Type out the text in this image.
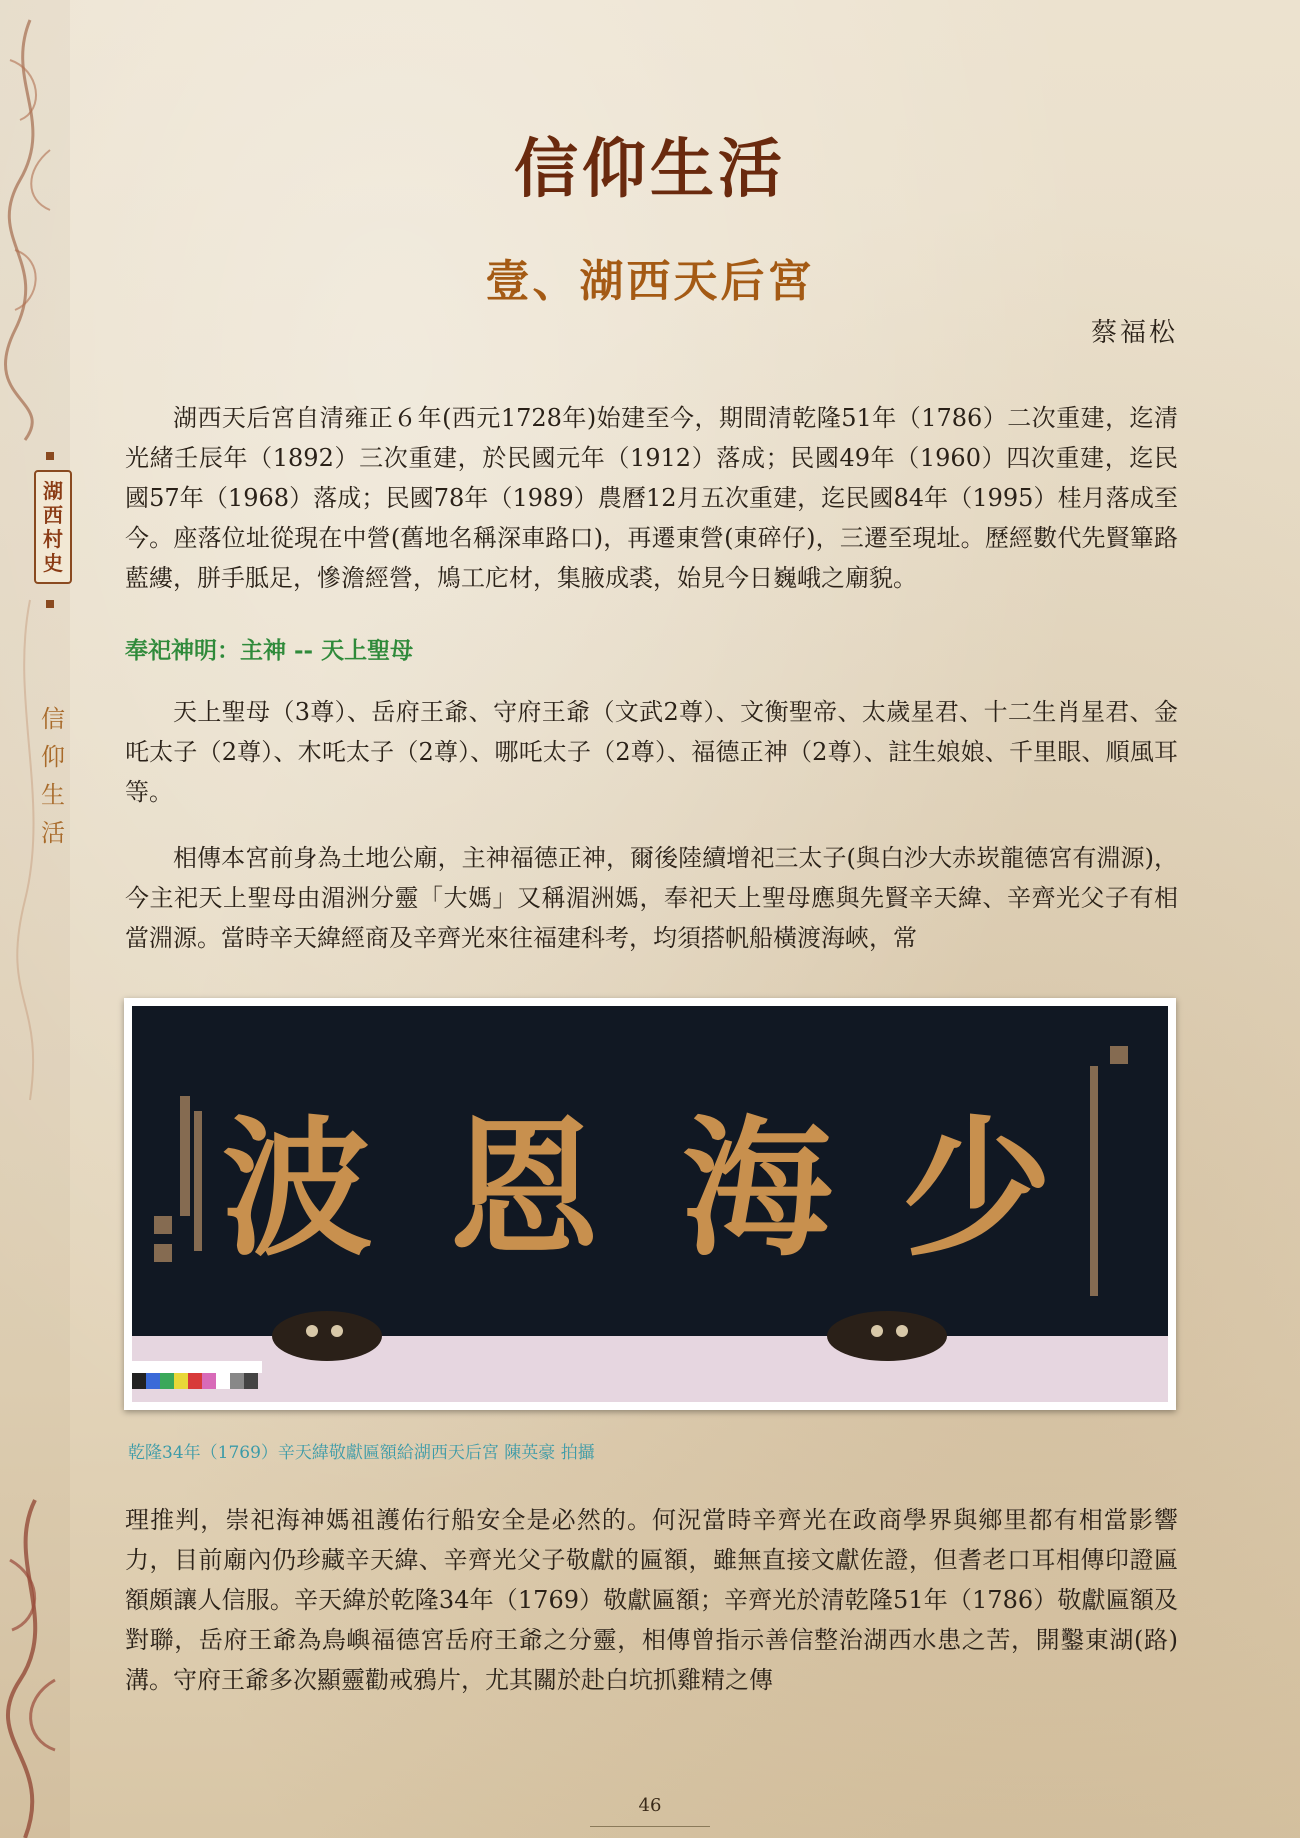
湖
西
村
史
信
仰
生
活
信仰生活
壹、湖西天后宮
蔡福松
湖西天后宮自清雍正６年(西元1728年)始建至今，期間清乾隆51年（1786）二次重建，迄清光緒壬辰年（1892）三次重建，於民國元年（1912）落成；民國49年（1960）四次重建，迄民國57年（1968）落成；民國78年（1989）農曆12月五次重建，迄民國84年（1995）桂月落成至今。座落位址從現在中營(舊地名稱深車路口)，再遷東營(東碎仔)，三遷至現址。歷經數代先賢篳路藍縷，胼手胝足，慘澹經營，鳩工庀材，集腋成裘，始見今日巍峨之廟貌。
奉祀神明：主神 -- 天上聖母
天上聖母（3尊）、岳府王爺、守府王爺（文武2尊）、文衡聖帝、太歲星君、十二生肖星君、金吒太子（2尊）、木吒太子（2尊）、哪吒太子（2尊）、福德正神（2尊）、註生娘娘、千里眼、順風耳等。
相傳本宮前身為土地公廟，主神福德正神，爾後陸續增祀三太子(與白沙大赤崁龍德宮有淵源)，今主祀天上聖母由湄洲分靈「大媽」又稱湄洲媽，奉祀天上聖母應與先賢辛天緯、辛齊光父子有相當淵源。當時辛天緯經商及辛齊光來往福建科考，均須搭帆船橫渡海峽，常
波 恩 海 少
乾隆34年（1769）辛天緯敬獻匾額給湖西天后宮 陳英豪 拍攝
理推判，崇祀海神媽祖護佑行船安全是必然的。何況當時辛齊光在政商學界與鄉里都有相當影響力，目前廟內仍珍藏辛天緯、辛齊光父子敬獻的匾額，雖無直接文獻佐證，但耆老口耳相傳印證匾額頗讓人信服。辛天緯於乾隆34年（1769）敬獻匾額；辛齊光於清乾隆51年（1786）敬獻匾額及對聯，岳府王爺為鳥嶼福德宮岳府王爺之分靈，相傳曾指示善信整治湖西水患之苦，開鑿東湖(路)溝。守府王爺多次顯靈勸戒鴉片，尤其關於赴白坑抓雞精之傳
46
